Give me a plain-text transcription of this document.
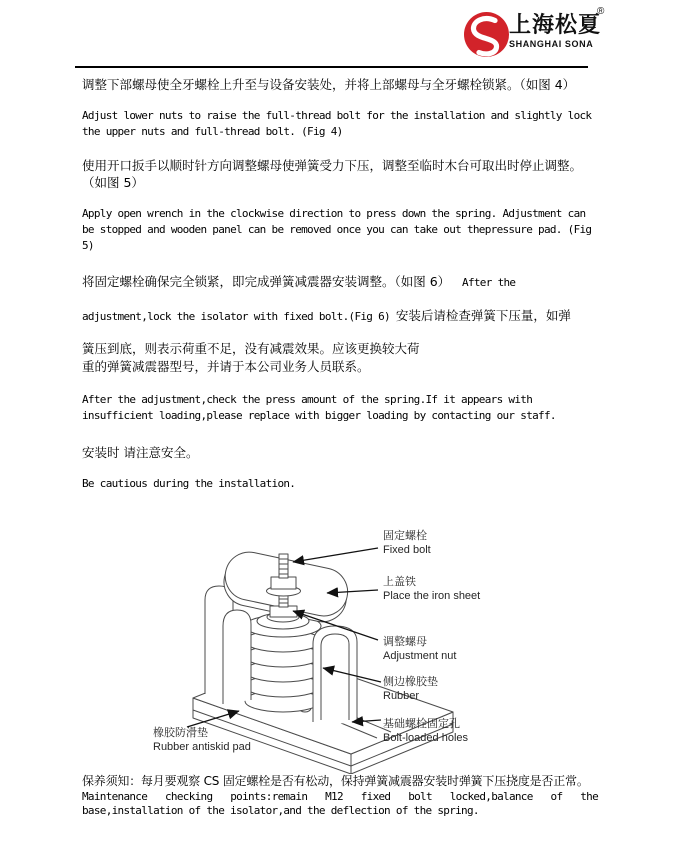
上海松夏
SHANGHAI SONA
®
调整下部螺母使全牙螺栓上升至与设备安装处，并将上部螺母与全牙螺栓锁紧。（如图 4）
Adjust lower nuts to raise the full-thread bolt for the installation and slightly lock the upper nuts and full-thread bolt. (Fig 4)
使用开口扳手以顺时针方向调整螺母使弹簧受力下压，调整至临时木台可取出时停止调整。（如图 5）
Apply open wrench in the clockwise direction to press down the spring. Adjustment can be stopped and wooden panel can be removed once you can take out thepressure pad. (Fig 5)
将固定螺栓确保完全锁紧，即完成弹簧减震器安装调整。（如图 6）  After the
adjustment,lock the isolator with fixed bolt.(Fig 6) 安装后请检查弹簧下压量，如弹
簧压到底，则表示荷重不足，没有减震效果。应该更换较大荷
重的弹簧减震器型号，并请于本公司业务人员联系。
After the adjustment,check the press amount of the spring.If it appears with insufficient loading,please replace with bigger loading by contacting our staff.
安装时 请注意安全。
Be cautious during the installation.
固定螺栓
Fixed bolt
上盖铁
Place the iron sheet
调整螺母
Adjustment nut
侧边橡胶垫
Rubber
基础螺栓固定孔
Bolt-loaded holes
橡胶防滑垫
Rubber antiskid pad
保养须知：每月要观察 CS 固定螺栓是否有松动，保持弹簧减震器安装时弹簧下压挠度是否正常。
Maintenance checking points:remain M12 fixed bolt locked,balance of the
base,installation of the isolator,and the deflection of the spring.
